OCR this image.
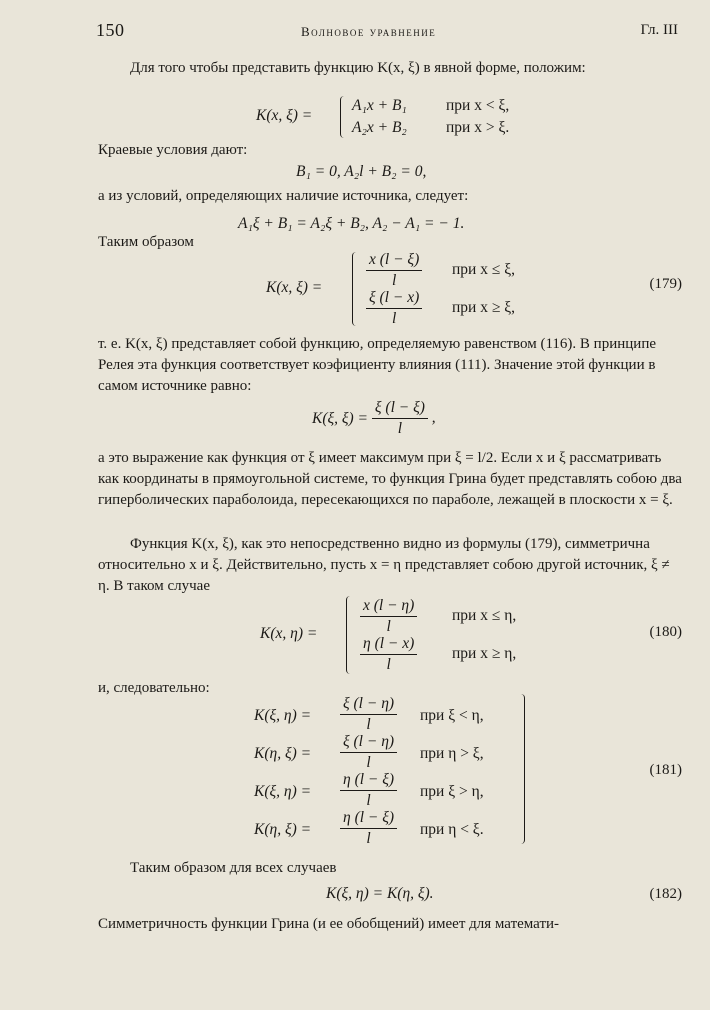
150	Волновое уравнение	Гл. III
Для того чтобы представить функцию K(x, ξ) в явной форме, положим:
K(x, ξ) =
A₁x + B₁	при x < ξ,
A₂x + B₂	при x > ξ.
Краевые условия дают:
B₁ = 0, A₂l + B₂ = 0,
а из условий, определяющих наличие источника, следует:
A₁ξ + B₁ = A₂ξ + B₂, A₂ − A₁ = − 1.
Таким образом
K(x, ξ) =
x (l − ξ)
l
при x ≤ ξ,
ξ (l − x)
l
при x ≥ ξ,
(179)
т. е. K(x, ξ) представляет собой функцию, определяемую равенством (116). В принципе Релея эта функция соответствует коэфициенту влияния (111). Значение этой функции в самом источнике равно:
K(ξ, $\xi) = \frac{\xi (l - \xi)}{l}$ ,
а это выражение как функция от ξ имеет максимум при ξ = l/2. Если x и ξ рассматривать как координаты в прямоугольной системе, то функция Грина будет представлять собою два гиперболических параболоида, пересекающихся по параболе, лежащей в плоскости x = ξ.
Функция K(x, ξ), как это непосредственно видно из формулы (179), симметрична относительно x и ξ. Действительно, пусть x = η представляет собою другой источник, ξ ≠ η. В таком случае
K(x, η) =
x (l − η)
l
при x ≤ η,
η (l − x)
l
при x ≥ η,
(180)
и, следовательно:
K(ξ, η) =
ξ (l − η)
l
при ξ < η,
K(η, ξ) =
ξ (l − η)
l
при η > ξ,
K(ξ, η) =
η (l − ξ)
l
при ξ > η,
K(η, ξ) =
η (l − ξ)
l
при η < ξ.
(181)
Таким образом для всех случаев
K(ξ, η) = K(η, ξ).	(182)
Симметричность функции Грина (и ее обобщений) имеет для математи-
